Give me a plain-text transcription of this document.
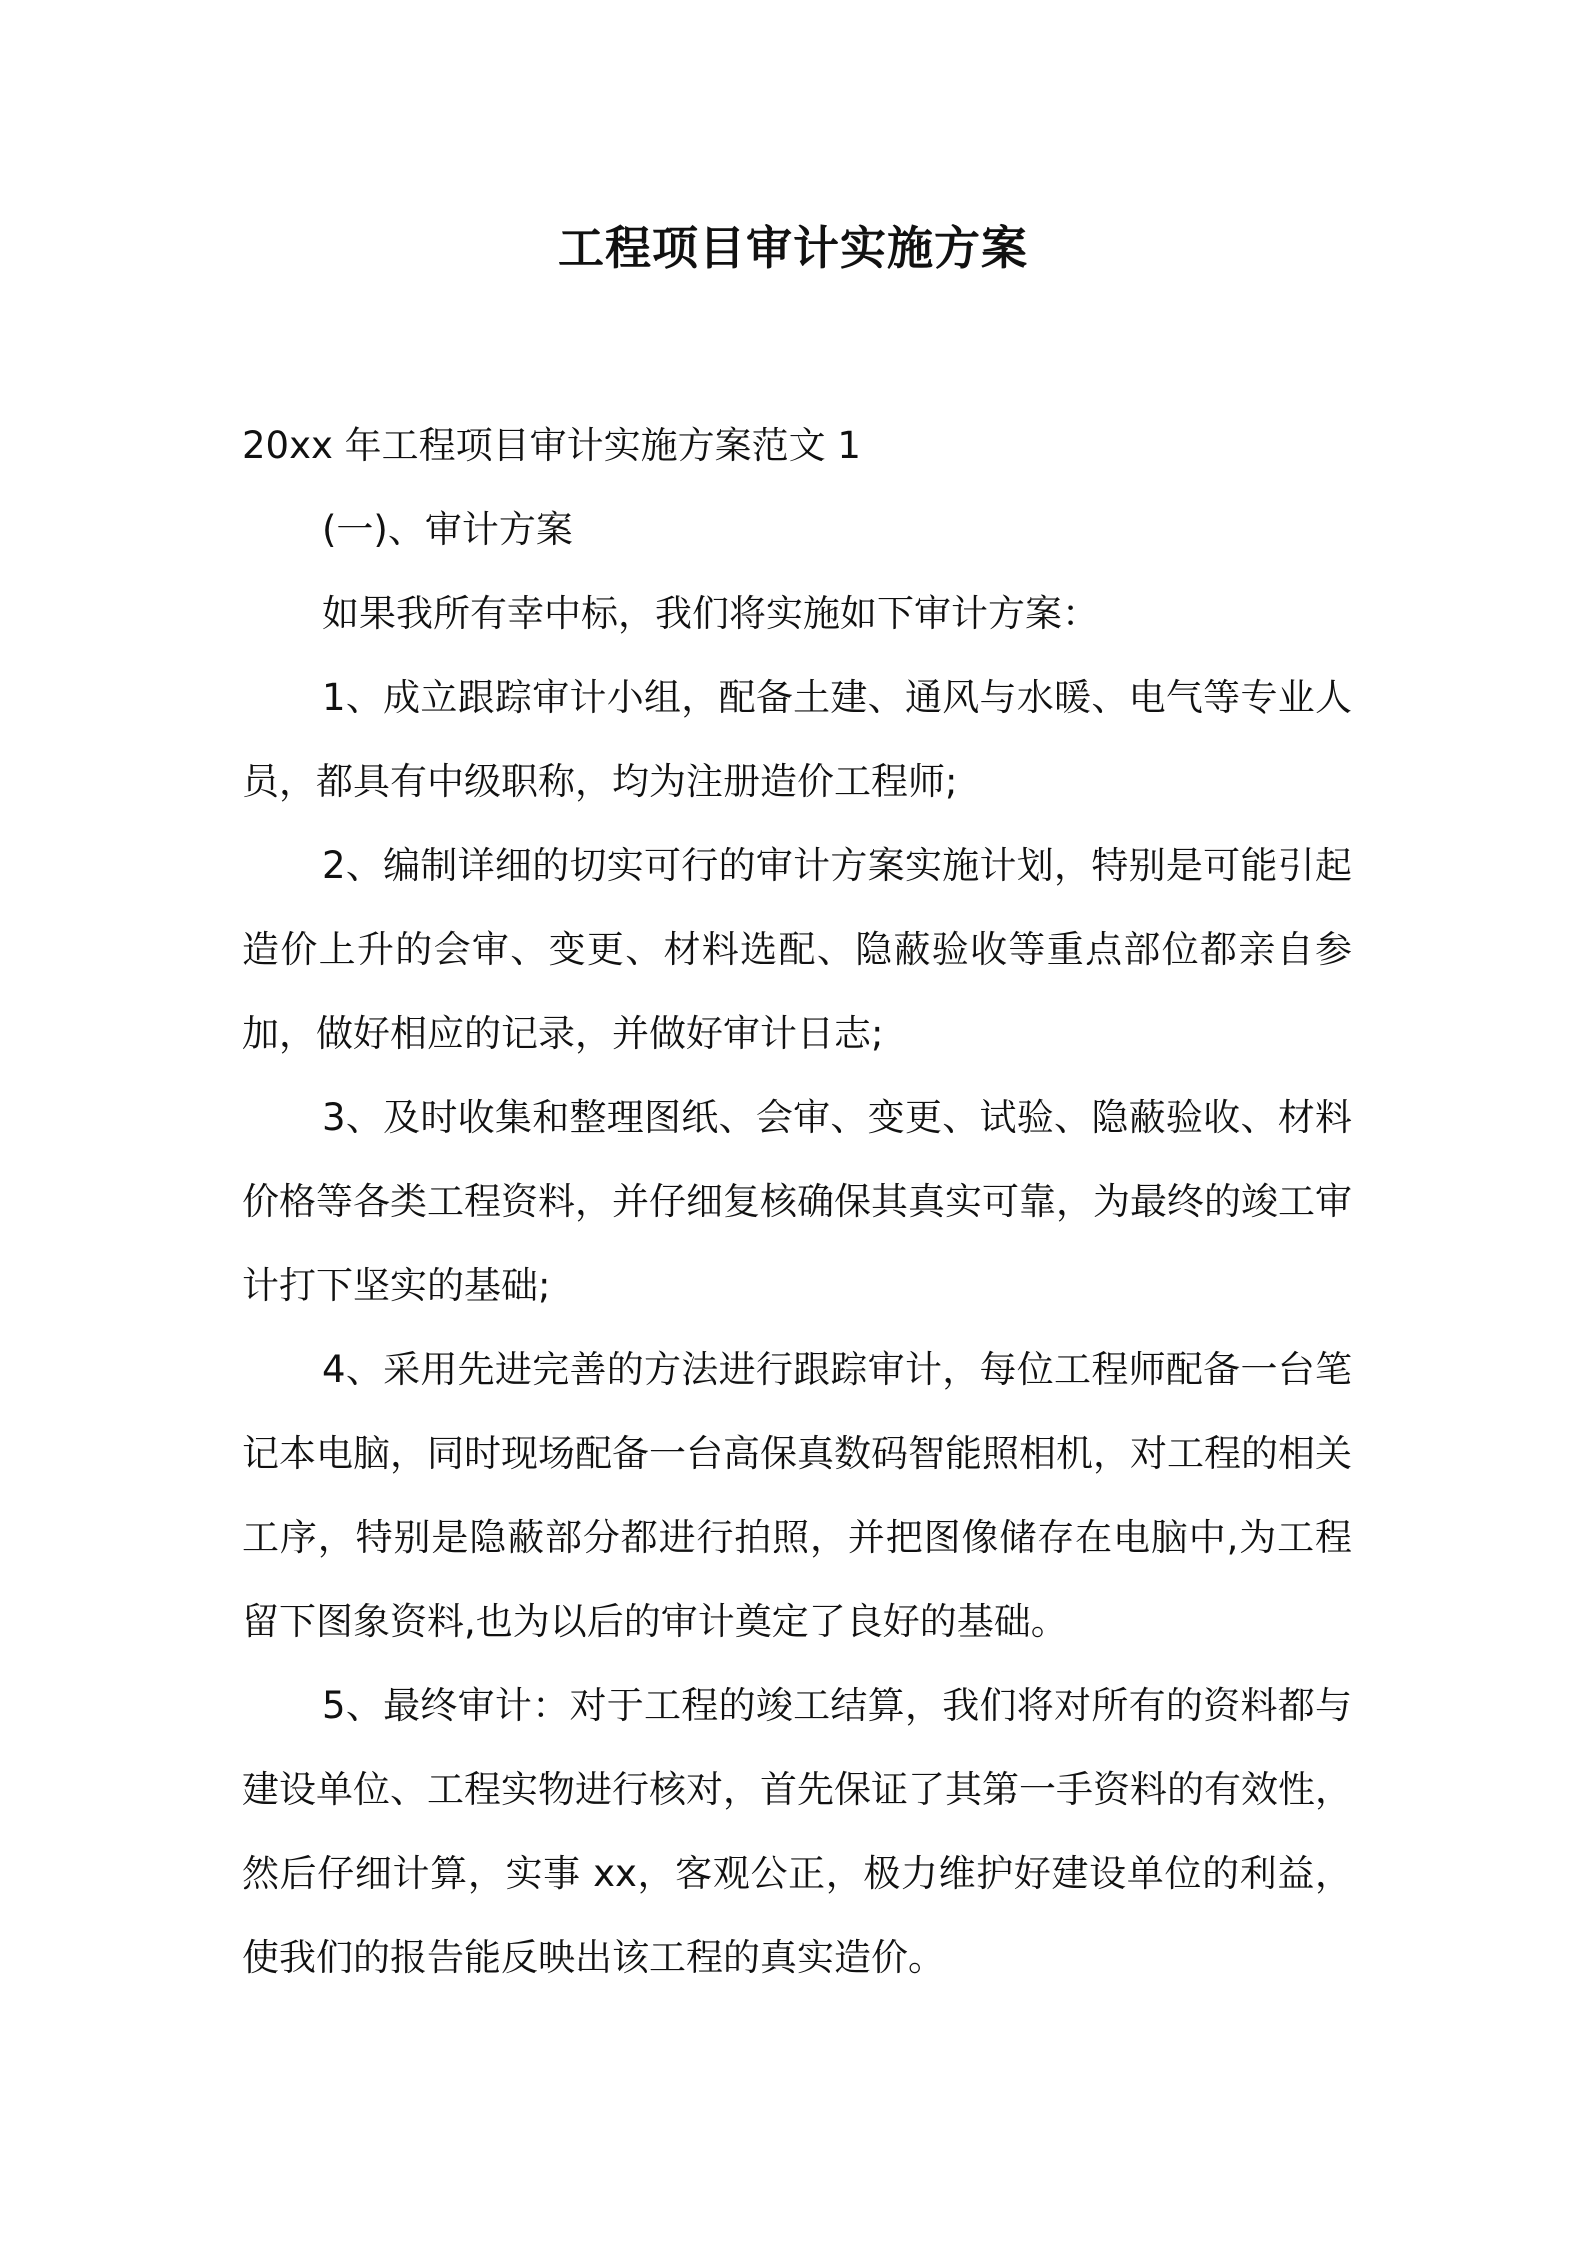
工程项目审计实施方案

20xx 年工程项目审计实施方案范文 1

(一)、审计方案

如果我所有幸中标，我们将实施如下审计方案：

1、成立跟踪审计小组，配备土建、通风与水暖、电气等专业人员，都具有中级职称，均为注册造价工程师;

2、编制详细的切实可行的审计方案实施计划，特别是可能引起造价上升的会审、变更、材料选配、隐蔽验收等重点部位都亲自参加，做好相应的记录，并做好审计日志;

3、及时收集和整理图纸、会审、变更、试验、隐蔽验收、材料价格等各类工程资料，并仔细复核确保其真实可靠，为最终的竣工审计打下坚实的基础;

4、采用先进完善的方法进行跟踪审计，每位工程师配备一台笔记本电脑，同时现场配备一台高保真数码智能照相机，对工程的相关工序，特别是隐蔽部分都进行拍照，并把图像储存在电脑中,为工程留下图象资料,也为以后的审计奠定了良好的基础。

5、最终审计：对于工程的竣工结算，我们将对所有的资料都与建设单位、工程实物进行核对，首先保证了其第一手资料的有效性，然后仔细计算，实事 xx，客观公正，极力维护好建设单位的利益，使我们的报告能反映出该工程的真实造价。
